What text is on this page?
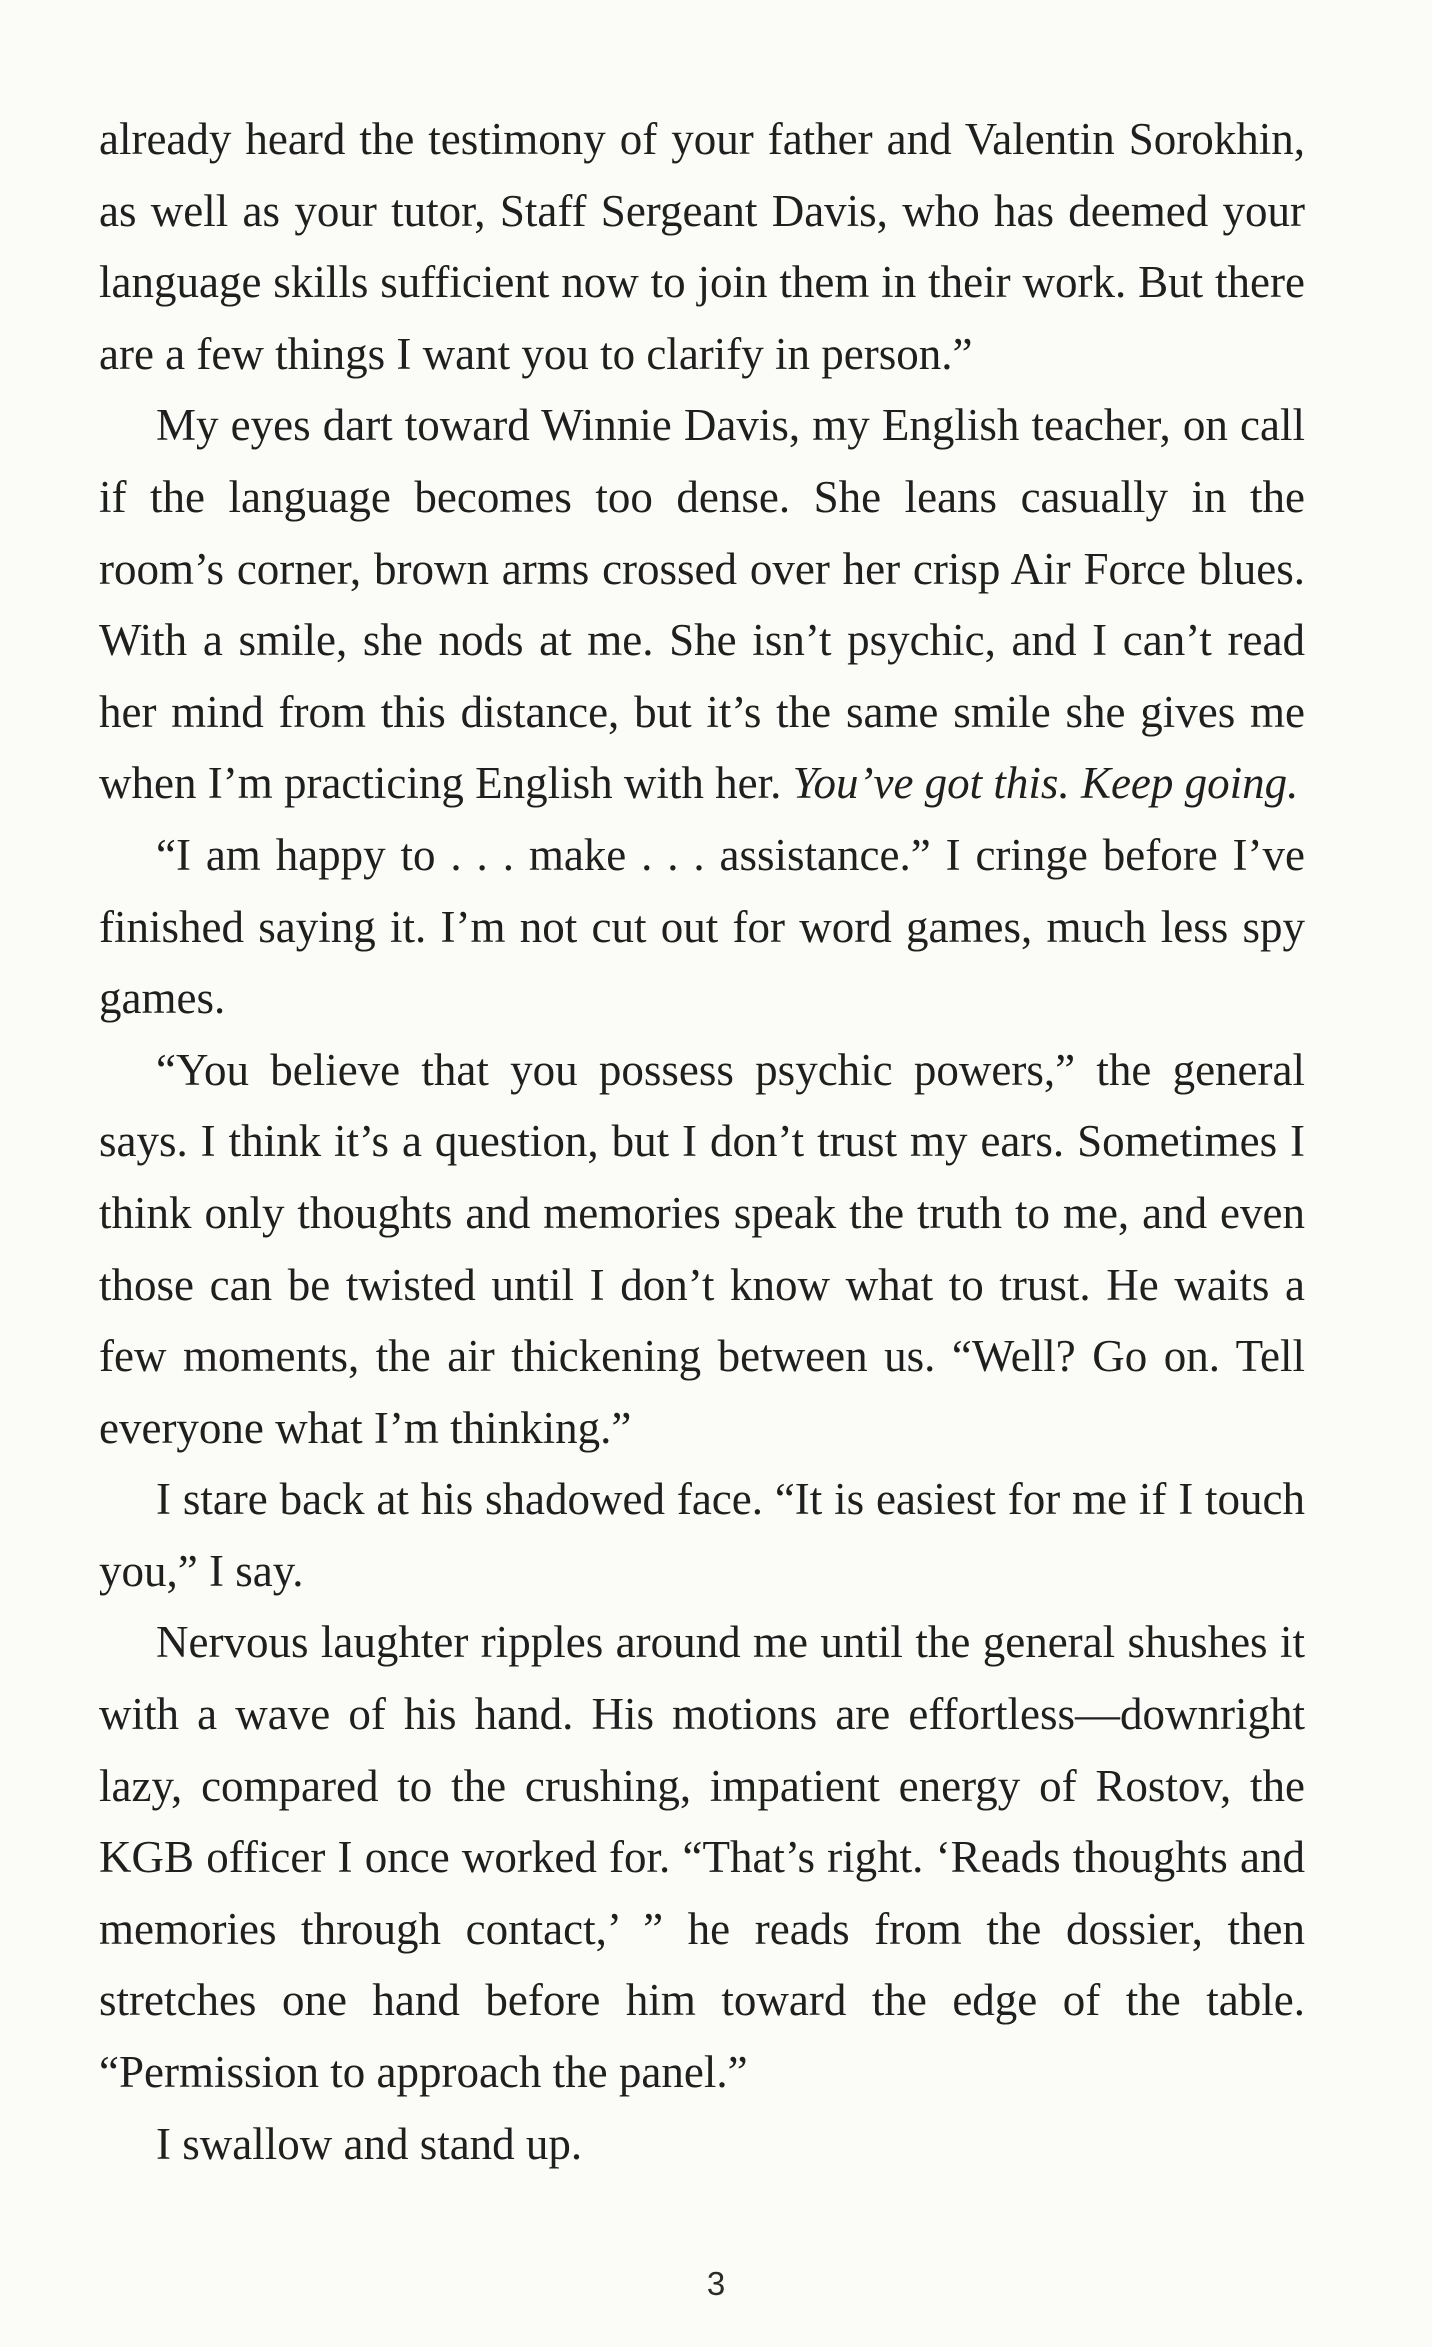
already heard the testimony of your father and Valentin Sorokhin, as well as your tutor, Staff Sergeant Davis, who has deemed your language skills sufficient now to join them in their work. But there are a few things I want you to clarify in person.”

My eyes dart toward Winnie Davis, my English teacher, on call if the language becomes too dense. She leans casually in the room’s corner, brown arms crossed over her crisp Air Force blues. With a smile, she nods at me. She isn’t psychic, and I can’t read her mind from this distance, but it’s the same smile she gives me when I’m practicing English with her. You’ve got this. Keep going.

“I am happy to . . . make . . . assistance.” I cringe before I’ve finished saying it. I’m not cut out for word games, much less spy games.

“You believe that you possess psychic powers,” the general says. I think it’s a question, but I don’t trust my ears. Sometimes I think only thoughts and memories speak the truth to me, and even those can be twisted until I don’t know what to trust. He waits a few moments, the air thickening between us. “Well? Go on. Tell everyone what I’m thinking.”

I stare back at his shadowed face. “It is easiest for me if I touch you,” I say.

Nervous laughter ripples around me until the general shushes it with a wave of his hand. His motions are effortless—downright lazy, compared to the crushing, impatient energy of Rostov, the KGB officer I once worked for. “That’s right. ‘Reads thoughts and memories through contact,’ ” he reads from the dossier, then stretches one hand before him toward the edge of the table. “Permission to approach the panel.”

I swallow and stand up.

3
